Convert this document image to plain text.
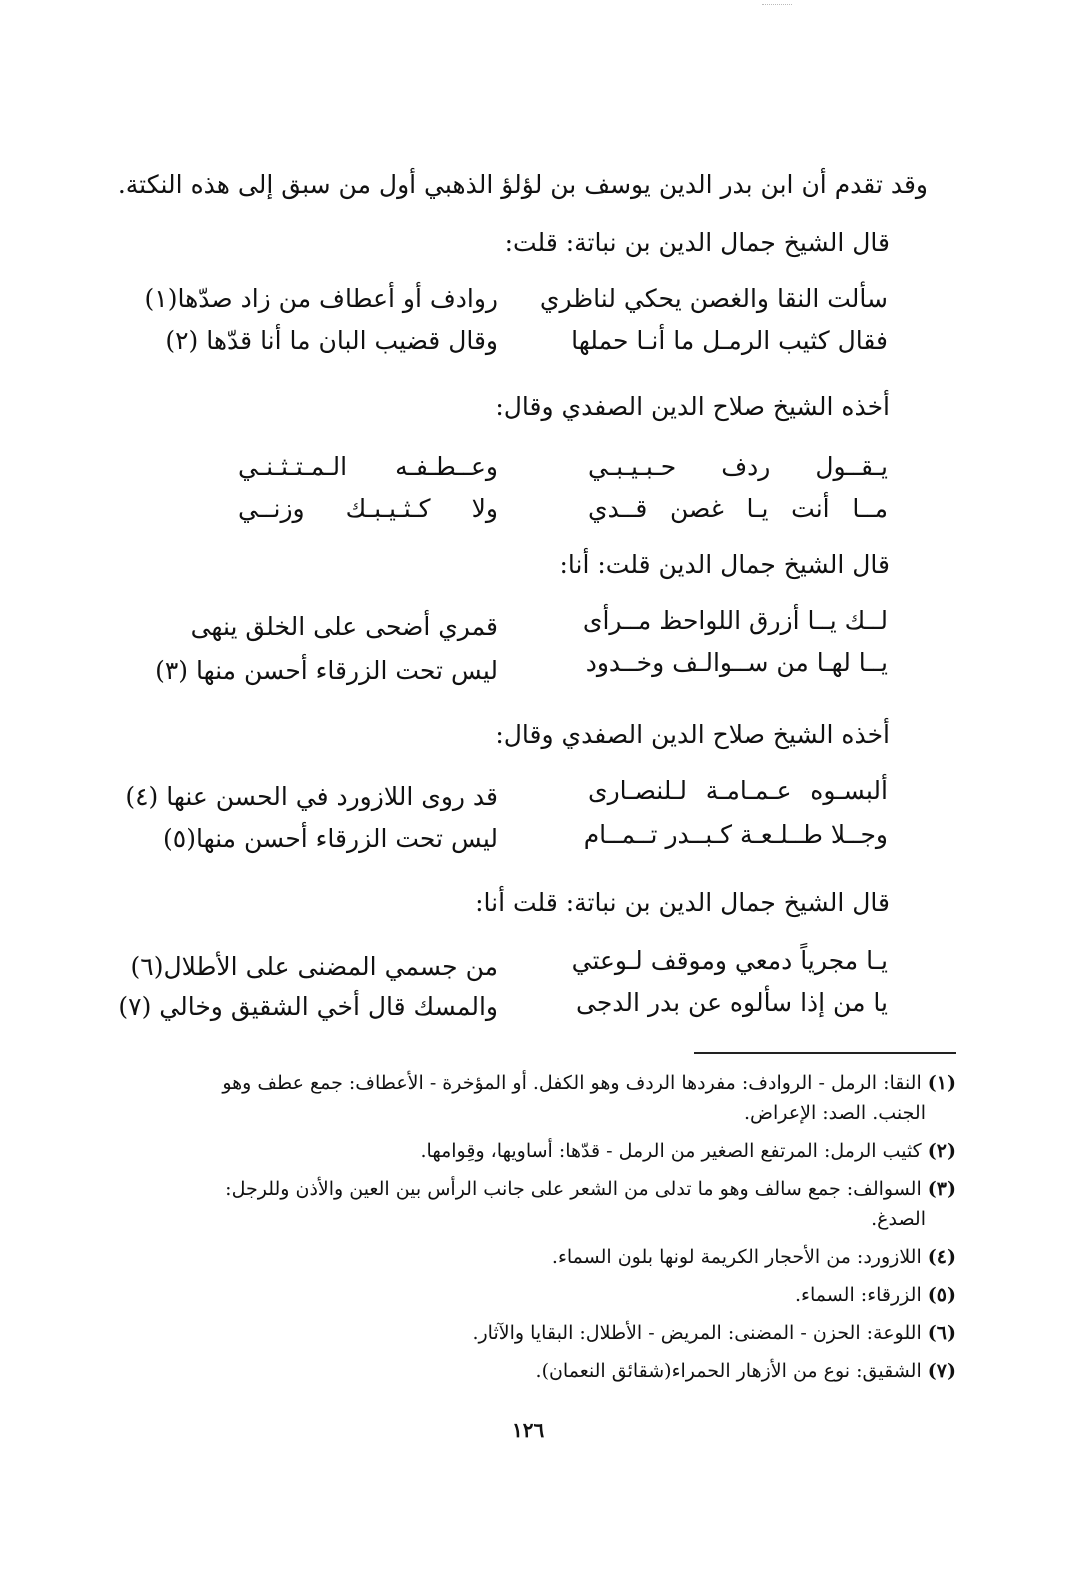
وقد تقدم أن ابن بدر الدين يوسف بن لؤلؤ الذهبي أول من سبق إلى هذه النكتة.
قال الشيخ جمال الدين بن نباتة: قلت:
سألت النقا والغصن يحكي لناظري
روادف أو أعطاف من زاد صدّها(١)
فقال كثيب الرمـل ما أنـا حملها
وقال قضيب البان ما أنا قدّها (٢)
أخذه الشيخ صلاح الدين الصفدي وقال:
يـقــول ردف حـبـيـبـي
وعــطـفـه الـمـتـثـنـي
مــا أنت يـا غصن قــدي
ولا كـثـيـبـك وزنــي
قال الشيخ جمال الدين قلت: أنا:
لــك يــا أزرق اللواحظ مــرأى
قمري أضحى على الخلق ينهى
يــا لهـا من ســوالـف وخــدود
ليس تحت الزرقاء أحسن منها (٣)
أخذه الشيخ صلاح الدين الصفدي وقال:
ألبسـوه عـمـامـة لـلنصـارى
قد روى اللازورد في الحسن عنها (٤)
وجــلا طــلـعـة كـبــدر تــمــام
ليس تحت الزرقاء أحسن منها(٥)
قال الشيخ جمال الدين بن نباتة: قلت أنا:
يـا مجرياً دمعي وموقف لـوعتي
من جسمي المضنى على الأطلال(٦)
يا من إذا سألوه عن بدر الدجى
والمسك قال أخي الشقيق وخالي (٧)
(١) النقا: الرمل - الروادف: مفردها الردف وهو الكفل. أو المؤخرة - الأعطاف: جمع عطف وهو
الجنب. الصد: الإعراض.
(٢) كثيب الرمل: المرتفع الصغير من الرمل - قدّها: أساويها، وقِوامها.
(٣) السوالف: جمع سالف وهو ما تدلى من الشعر على جانب الرأس بين العين والأذن وللرجل:
الصدغ.
(٤) اللازورد: من الأحجار الكريمة لونها بلون السماء.
(٥) الزرقاء: السماء.
(٦) اللوعة: الحزن - المضنى: المريض - الأطلال: البقايا والآثار.
(٧) الشقيق: نوع من الأزهار الحمراء(شقائق النعمان).
١٢٦
